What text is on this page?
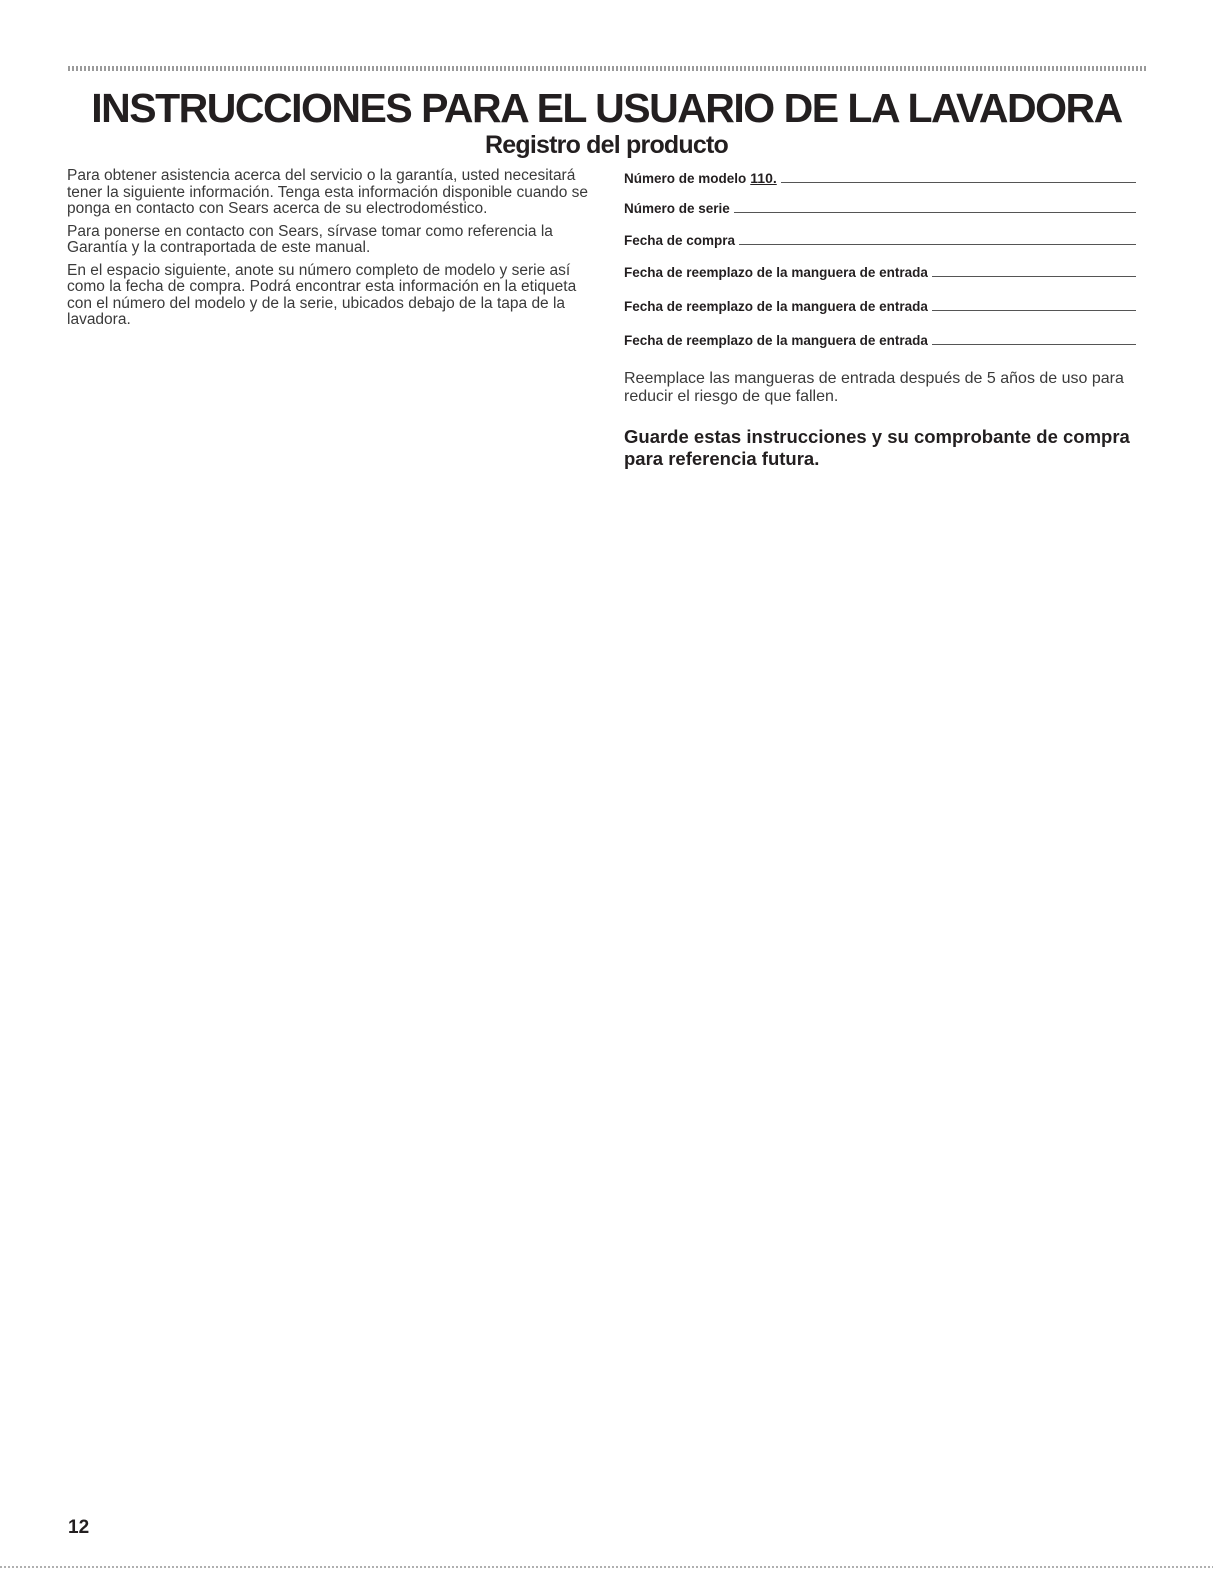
INSTRUCCIONES PARA EL USUARIO DE LA LAVADORA
Registro del producto

Para obtener asistencia acerca del servicio o la garantía, usted necesitará tener la siguiente información. Tenga esta información disponible cuando se ponga en contacto con Sears acerca de su electrodoméstico.

Para ponerse en contacto con Sears, sírvase tomar como referencia la Garantía y la contraportada de este manual.

En el espacio siguiente, anote su número completo de modelo y serie así como la fecha de compra. Podrá encontrar esta información en la etiqueta con el número del modelo y de la serie, ubicados debajo de la tapa de la lavadora.

Número de modelo 110.
Número de serie
Fecha de compra
Fecha de reemplazo de la manguera de entrada
Fecha de reemplazo de la manguera de entrada
Fecha de reemplazo de la manguera de entrada

Reemplace las mangueras de entrada después de 5 años de uso para reducir el riesgo de que fallen.

Guarde estas instrucciones y su comprobante de compra para referencia futura.

12
